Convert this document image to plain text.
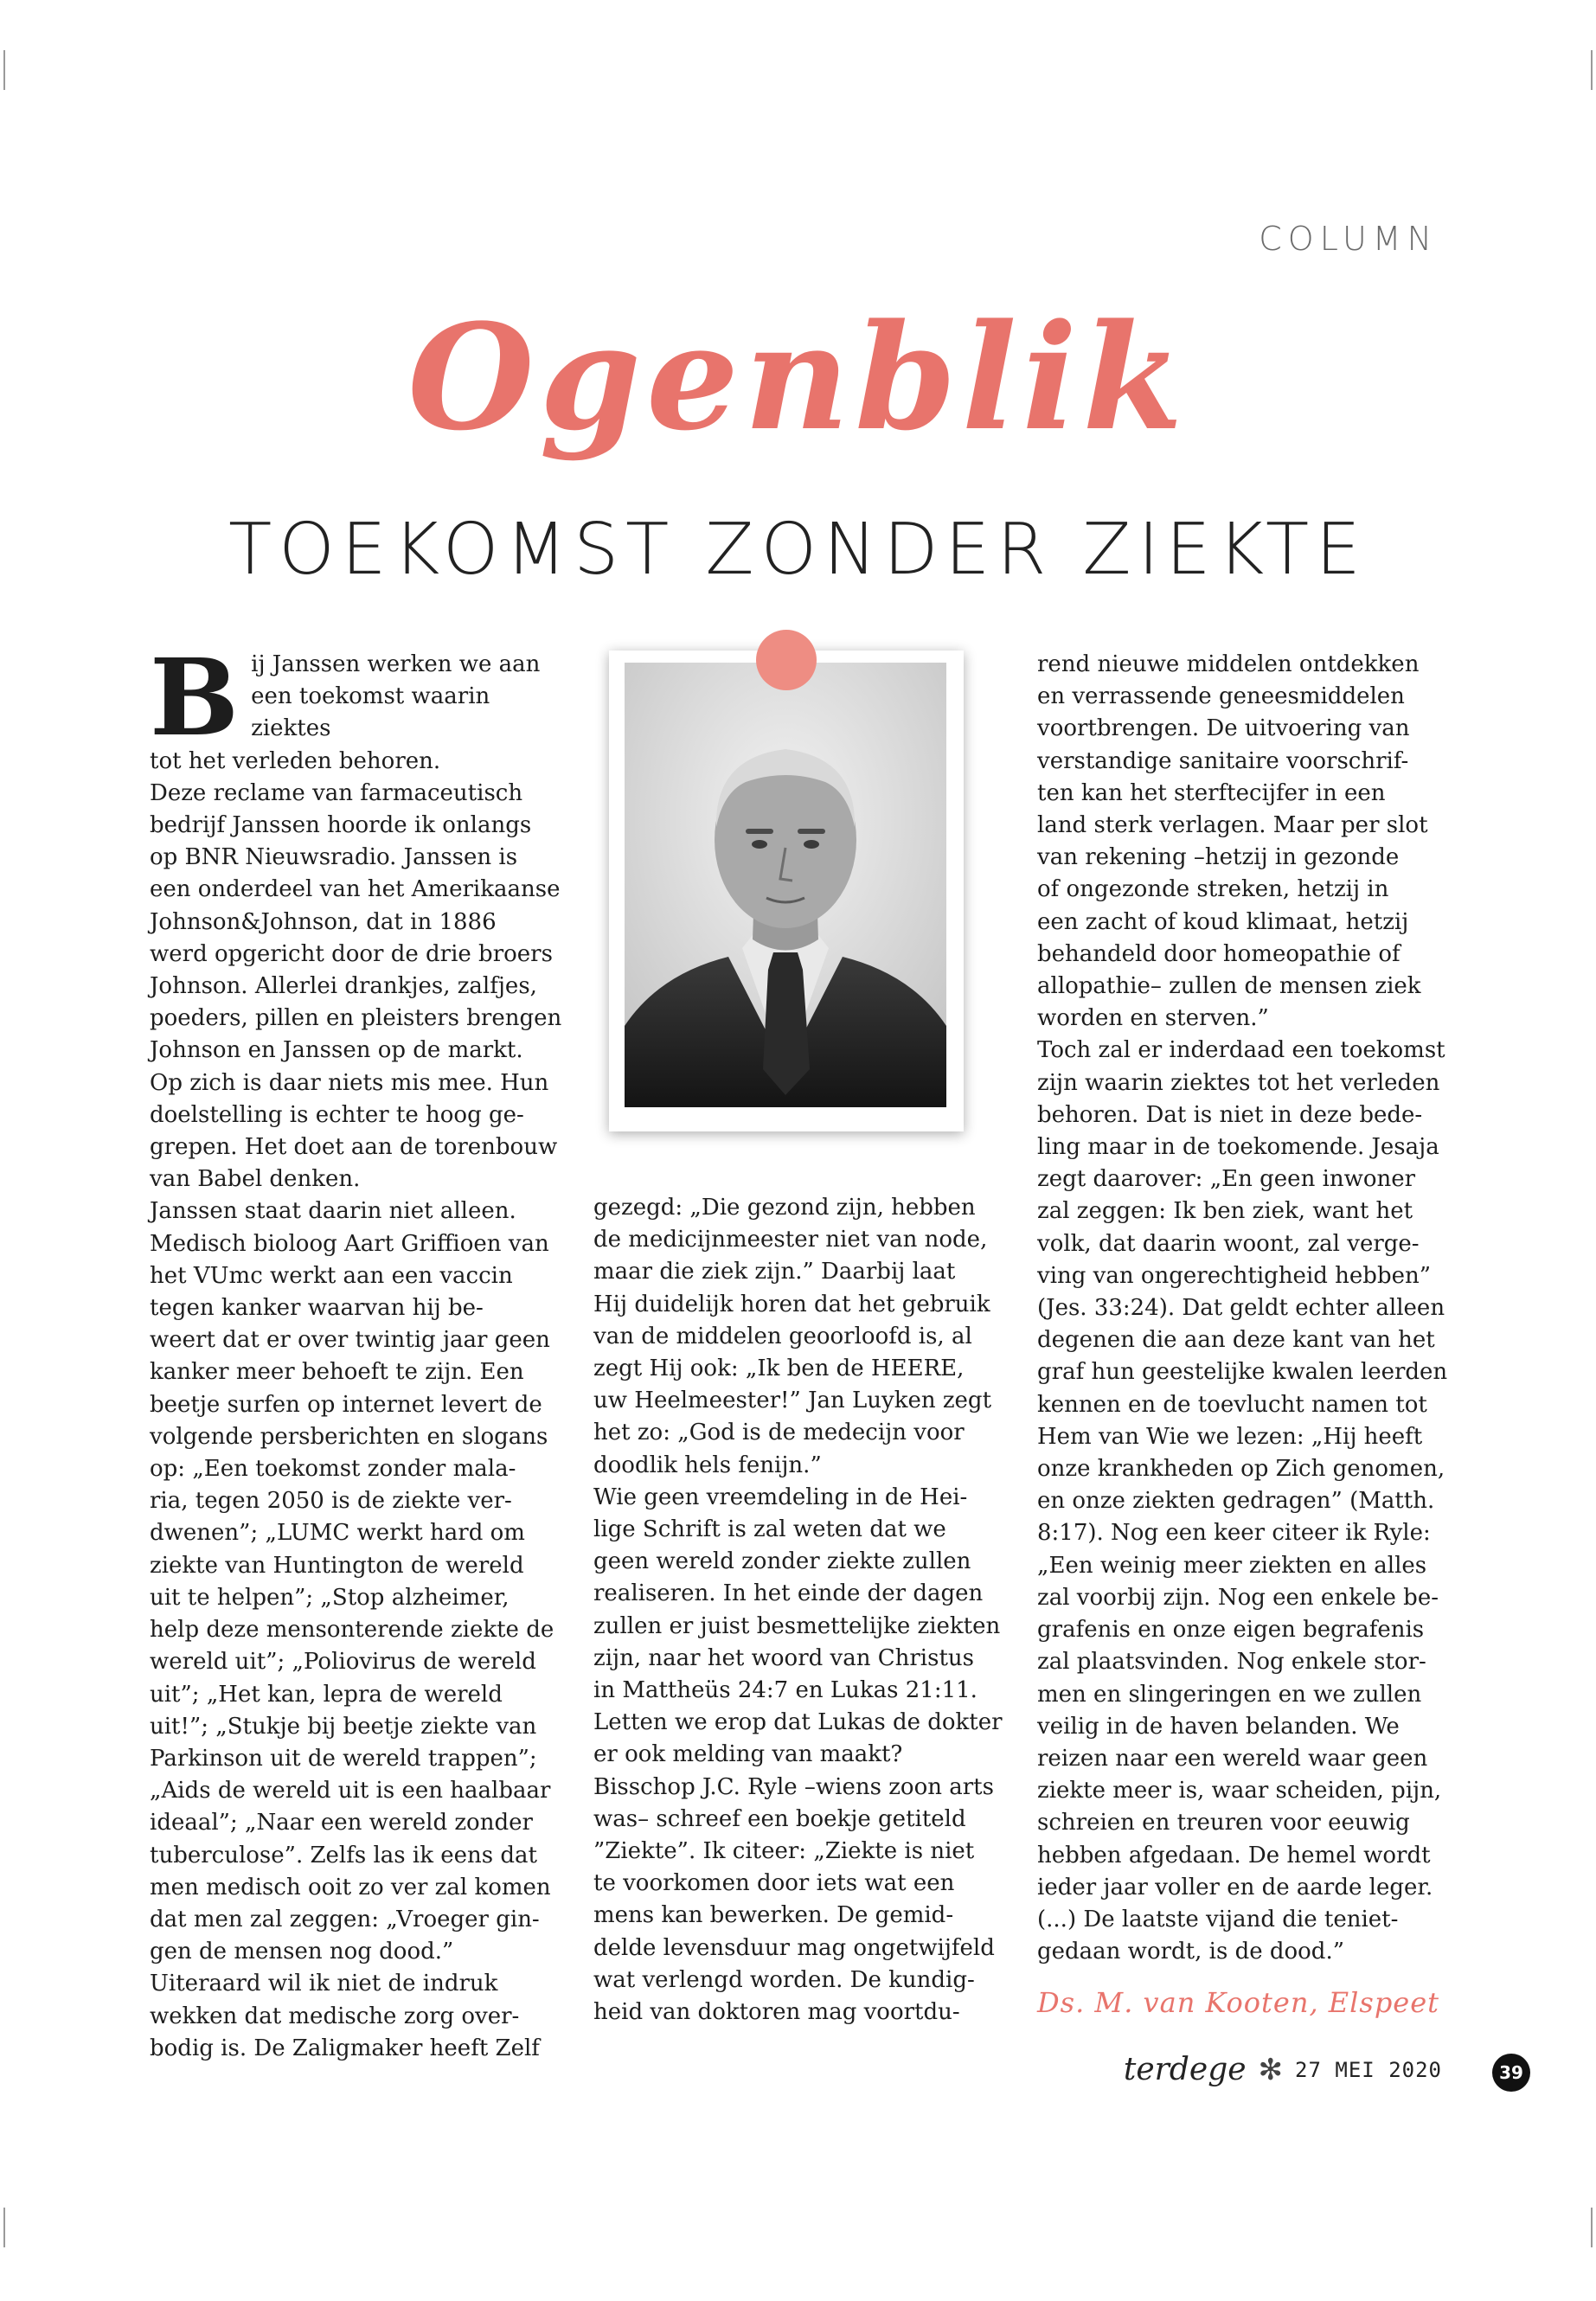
COLUMN
Ogenblik
TOEKOMST ZONDER ZIEKTE
B ij Janssen werken we aan
een toekomst waarin ziektes
tot het verleden behoren.
Deze reclame van farmaceutisch
bedrijf Janssen hoorde ik onlangs
op BNR Nieuwsradio. Janssen is
een onderdeel van het Amerikaanse
Johnson&Johnson, dat in 1886
werd opgericht door de drie broers
Johnson. Allerlei drankjes, zalfjes,
poeders, pillen en pleisters brengen
Johnson en Janssen op de markt.
Op zich is daar niets mis mee. Hun
doelstelling is echter te hoog ge-
grepen. Het doet aan de torenbouw
van Babel denken.

Janssen staat daarin niet alleen.
Medisch bioloog Aart Griffioen van
het VUmc werkt aan een vaccin
tegen kanker waarvan hij be-
weert dat er over twintig jaar geen
kanker meer behoeft te zijn. Een
beetje surfen op internet levert de
volgende persberichten en slogans
op: „Een toekomst zonder mala-
ria, tegen 2050 is de ziekte ver-
dwenen”; „LUMC werkt hard om
ziekte van Huntington de wereld
uit te helpen”; „Stop alzheimer,
help deze mensonterende ziekte de
wereld uit”; „Poliovirus de wereld
uit”; „Het kan, lepra de wereld
uit!”; „Stukje bij beetje ziekte van
Parkinson uit de wereld trappen”;
„Aids de wereld uit is een haalbaar
ideaal”; „Naar een wereld zonder
tuberculose”. Zelfs las ik eens dat
men medisch ooit zo ver zal komen
dat men zal zeggen: „Vroeger gin-
gen de mensen nog dood.”
Uiteraard wil ik niet de indruk
wekken dat medische zorg over-
bodig is. De Zaligmaker heeft Zelf

gezegd: „Die gezond zijn, hebben
de medicijnmeester niet van node,
maar die ziek zijn.” Daarbij laat
Hij duidelijk horen dat het gebruik
van de middelen geoorloofd is, al
zegt Hij ook: „Ik ben de HEERE,
uw Heelmeester!” Jan Luyken zegt
het zo: „God is de medecijn voor
doodlik hels fenijn.”

Wie geen vreemdeling in de Hei-
lige Schrift is zal weten dat we
geen wereld zonder ziekte zullen
realiseren. In het einde der dagen
zullen er juist besmettelijke ziekten
zijn, naar het woord van Christus
in Mattheüs 24:7 en Lukas 21:11.
Letten we erop dat Lukas de dokter
er ook melding van maakt?
Bisschop J.C. Ryle –wiens zoon arts
was– schreef een boekje getiteld
”Ziekte”. Ik citeer: „Ziekte is niet
te voorkomen door iets wat een
mens kan bewerken. De gemid-
delde levensduur mag ongetwijfeld
wat verlengd worden. De kundig-
heid van doktoren mag voortdu-

rend nieuwe middelen ontdekken
en verrassende geneesmiddelen
voortbrengen. De uitvoering van
verstandige sanitaire voorschrif-
ten kan het sterftecijfer in een
land sterk verlagen. Maar per slot
van rekening –hetzij in gezonde
of ongezonde streken, hetzij in
een zacht of koud klimaat, hetzij
behandeld door homeopathie of
allopathie– zullen de mensen ziek
worden en sterven.”

Toch zal er inderdaad een toekomst
zijn waarin ziektes tot het verleden
behoren. Dat is niet in deze bede-
ling maar in de toekomende. Jesaja
zegt daarover: „En geen inwoner
zal zeggen: Ik ben ziek, want het
volk, dat daarin woont, zal verge-
ving van ongerechtigheid hebben”
(Jes. 33:24). Dat geldt echter alleen
degenen die aan deze kant van het
graf hun geestelijke kwalen leerden
kennen en de toevlucht namen tot
Hem van Wie we lezen: „Hij heeft
onze krankheden op Zich genomen,
en onze ziekten gedragen” (Matth.
8:17). Nog een keer citeer ik Ryle:
„Een weinig meer ziekten en alles
zal voorbij zijn. Nog een enkele be-
grafenis en onze eigen begrafenis
zal plaatsvinden. Nog enkele stor-
men en slingeringen en we zullen
veilig in de haven belanden. We
reizen naar een wereld waar geen
ziekte meer is, waar scheiden, pijn,
schreien en treuren voor eeuwig
hebben afgedaan. De hemel wordt
ieder jaar voller en de aarde leger.
(...) De laatste vijand die teniet-
gedaan wordt, is de dood.”

Ds. M. van Kooten, Elspeet
terdege ✻ 27 MEI 2020	39
